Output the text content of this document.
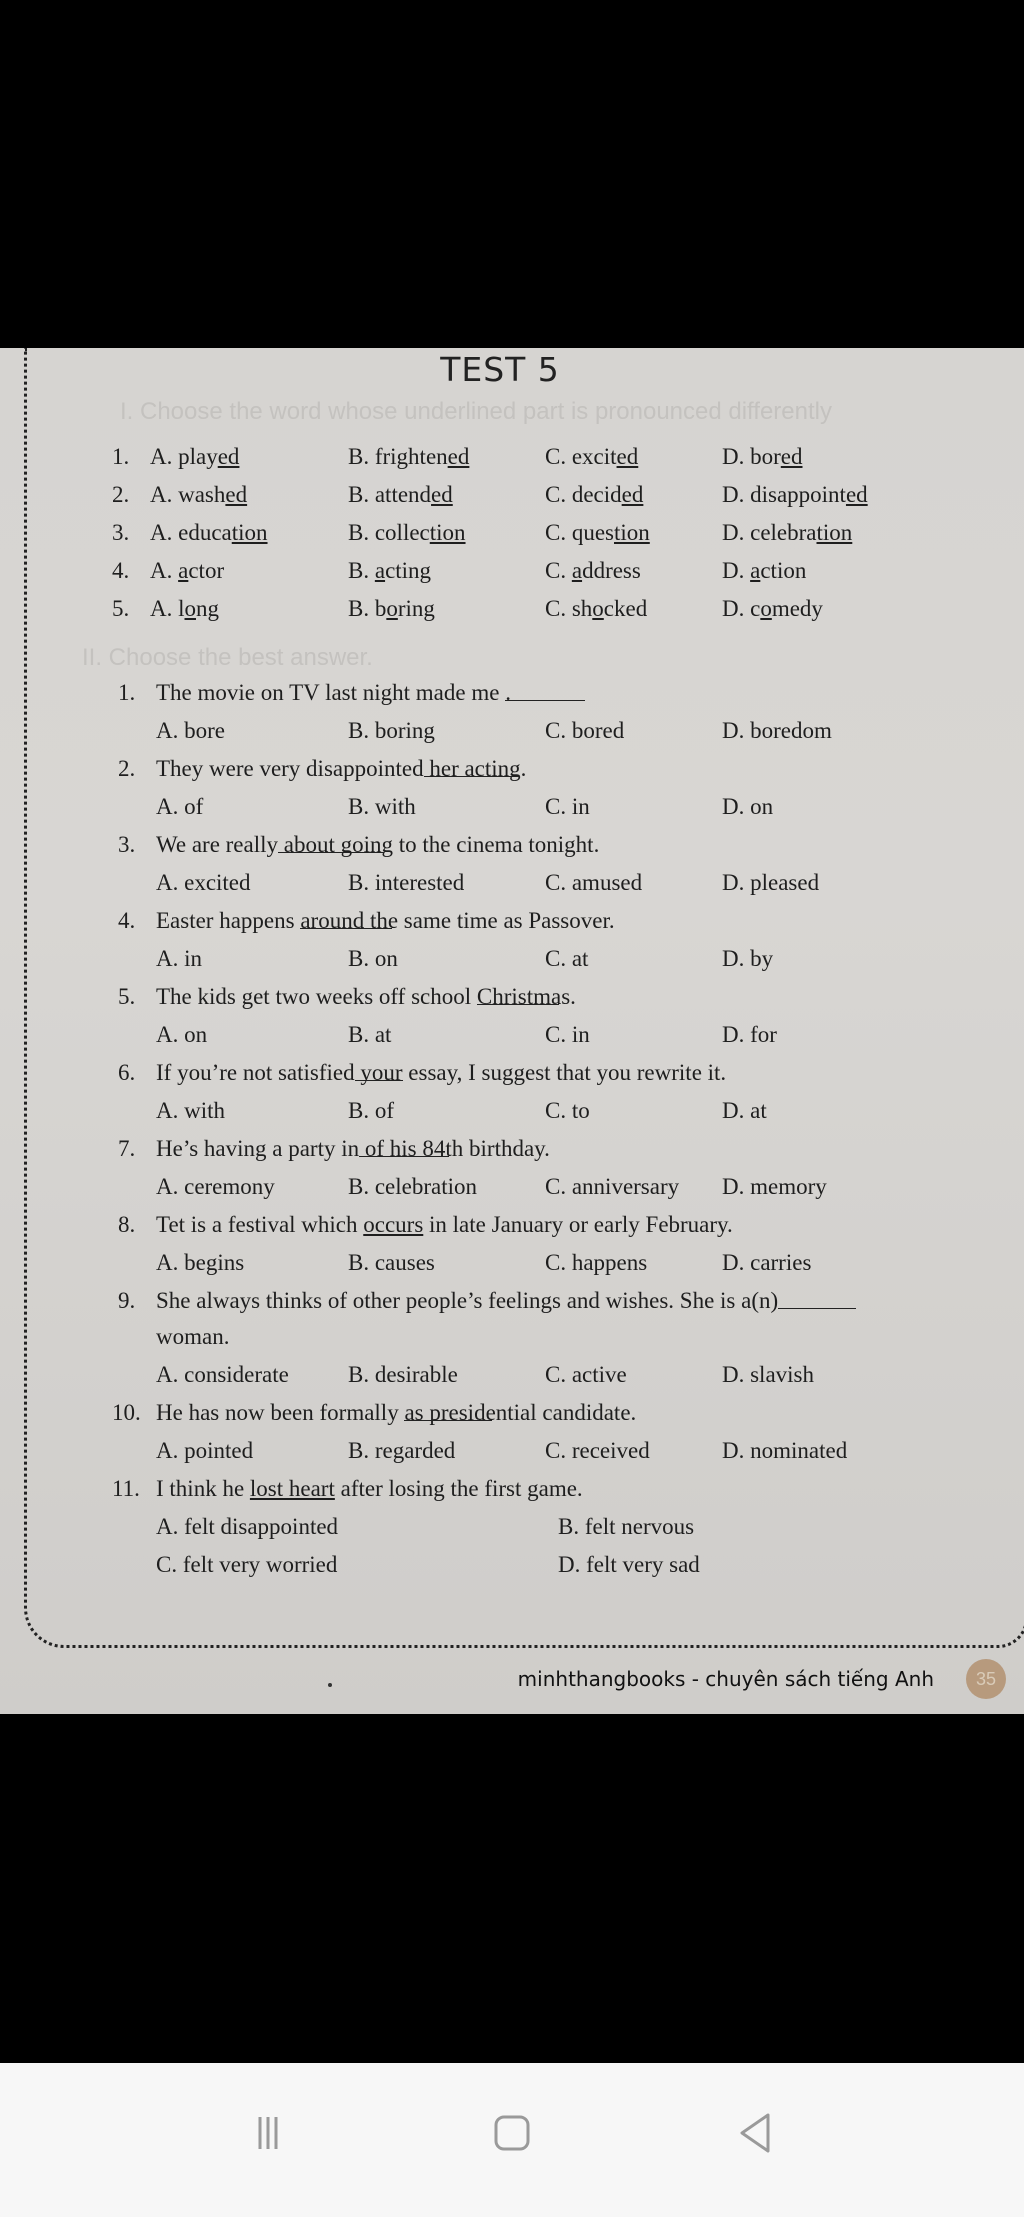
TEST 5
I. Choose the word whose underlined part is pronounced differently
1. A. played	B. frightened	C. excited	D. bored
2. A. washed	B. attended	C. decided	D. disappointed
3. A. education	B. collection	C. question	D. celebration
4. A. actor	B. acting	C. address	D. action
5. A. long	B. boring	C. shocked	D. comedy
II. Choose the best answer.
1. The movie on TV last night made me .
A. bore	B. boring	C. bored	D. boredom
2. They were very disappointed her acting.
A. of	B. with	C. in	D. on
3. We are really about going to the cinema tonight.
A. excited	B. interested	C. amused	D. pleased
4. Easter happens around the same time as Passover.
A. in	B. on	C. at	D. by
5. The kids get two weeks off school Christmas.
A. on	B. at	C. in	D. for
6. If you’re not satisfied your essay, I suggest that you rewrite it.
A. with	B. of	C. to	D. at
7. He’s having a party in of his 84th birthday.
A. ceremony	B. celebration	C. anniversary D. memory
8. Tet is a festival which occurs in late January or early February.
A. begins	B. causes	C. happens	D. carries
9. She always thinks of other people’s feelings and wishes. She is a(n)
woman.
A. considerate	B. desirable	C. active	D. slavish
10. He has now been formally as presidential candidate.
A. pointed	B. regarded	C. received	D. nominated
11. I think he lost heart after losing the first game.
A. felt disappointed	B. felt nervous
C. felt very worried	D. felt very sad
minhthangbooks - chuyên sách tiếng Anh	35
